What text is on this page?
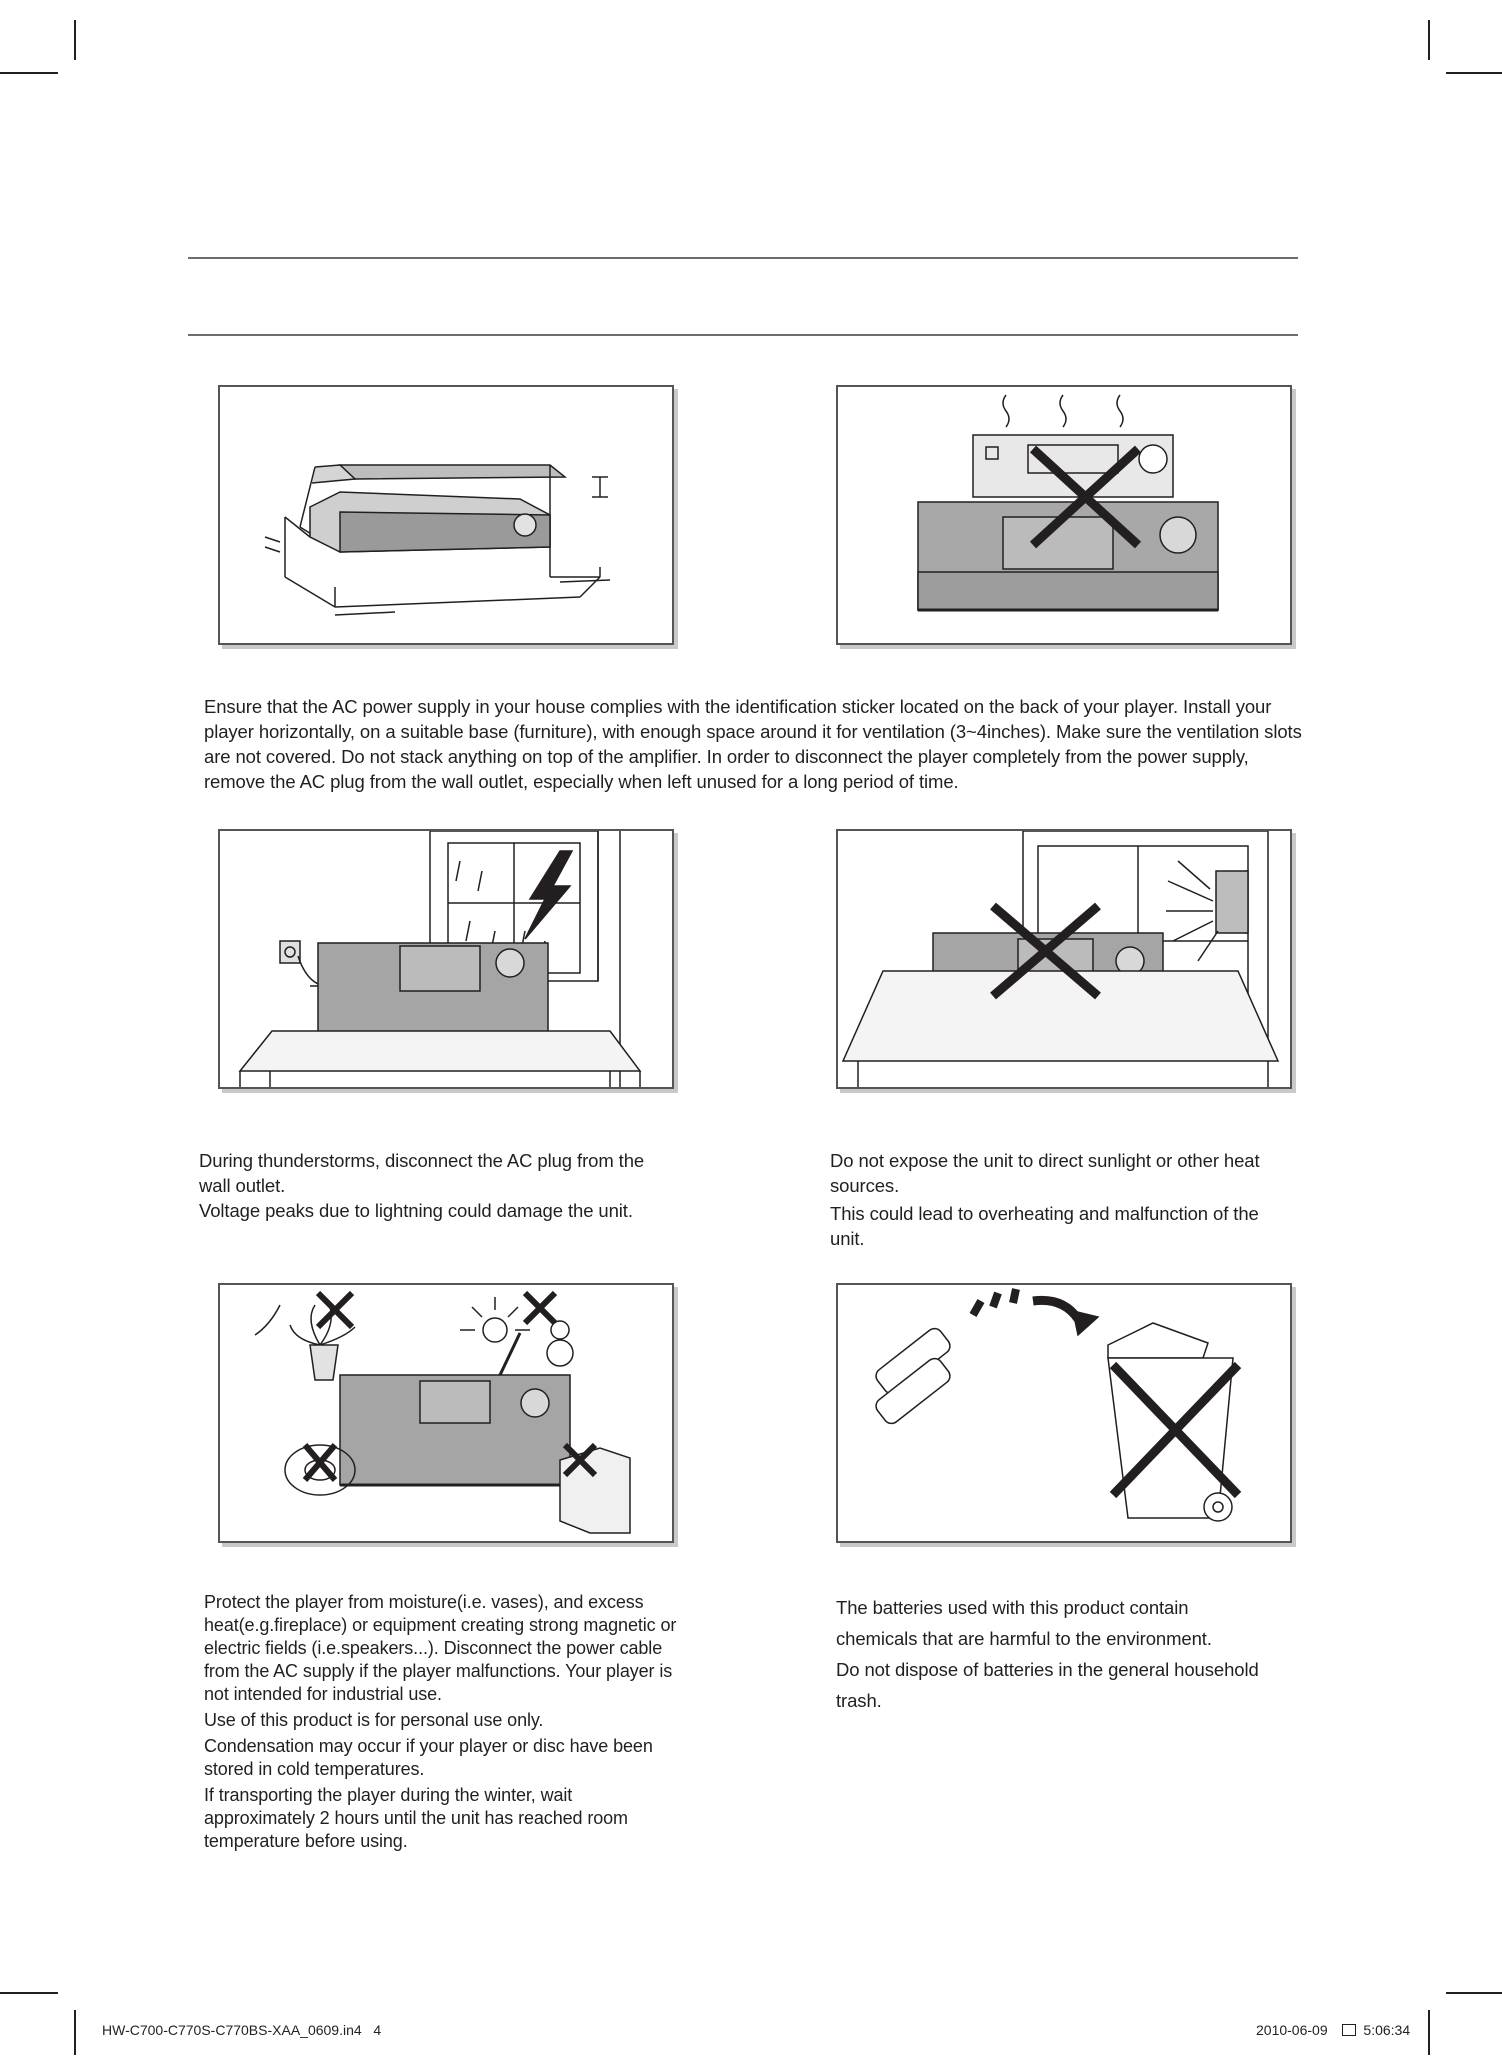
Ensure that the AC power supply in your house complies with the identification sticker located on the back of your player. Install your player horizontally, on a suitable base (furniture), with enough space around it for ventilation (3~4inches). Make sure the ventilation slots are not covered. Do not stack anything on top of the amplifier. In order to disconnect the player completely from the power supply, remove the AC plug from the wall outlet, especially when left unused for a long period of time.

During thunderstorms, disconnect the AC plug from the wall outlet.

Voltage peaks due to lightning could damage the unit.

Do not expose the unit to direct sunlight or other heat sources.

This could lead to overheating and malfunction of the unit.

Protect the player from moisture(i.e. vases), and excess heat(e.g.fireplace) or equipment creating strong magnetic or electric fields (i.e.speakers...). Disconnect the power cable from the AC supply if the player malfunctions. Your player is not intended for industrial use.

Use of this product is for personal use only.

Condensation may occur if your player or disc have been stored in cold temperatures.

If transporting the player during the winter, wait approximately 2 hours until the unit has reached room temperature before using.

The batteries used with this product contain chemicals that are harmful to the environment.

Do not dispose of batteries in the general household trash.

HW-C700-C770S-C770BS-XAA_0609.in4   4	2010-06-09	5:06:34
